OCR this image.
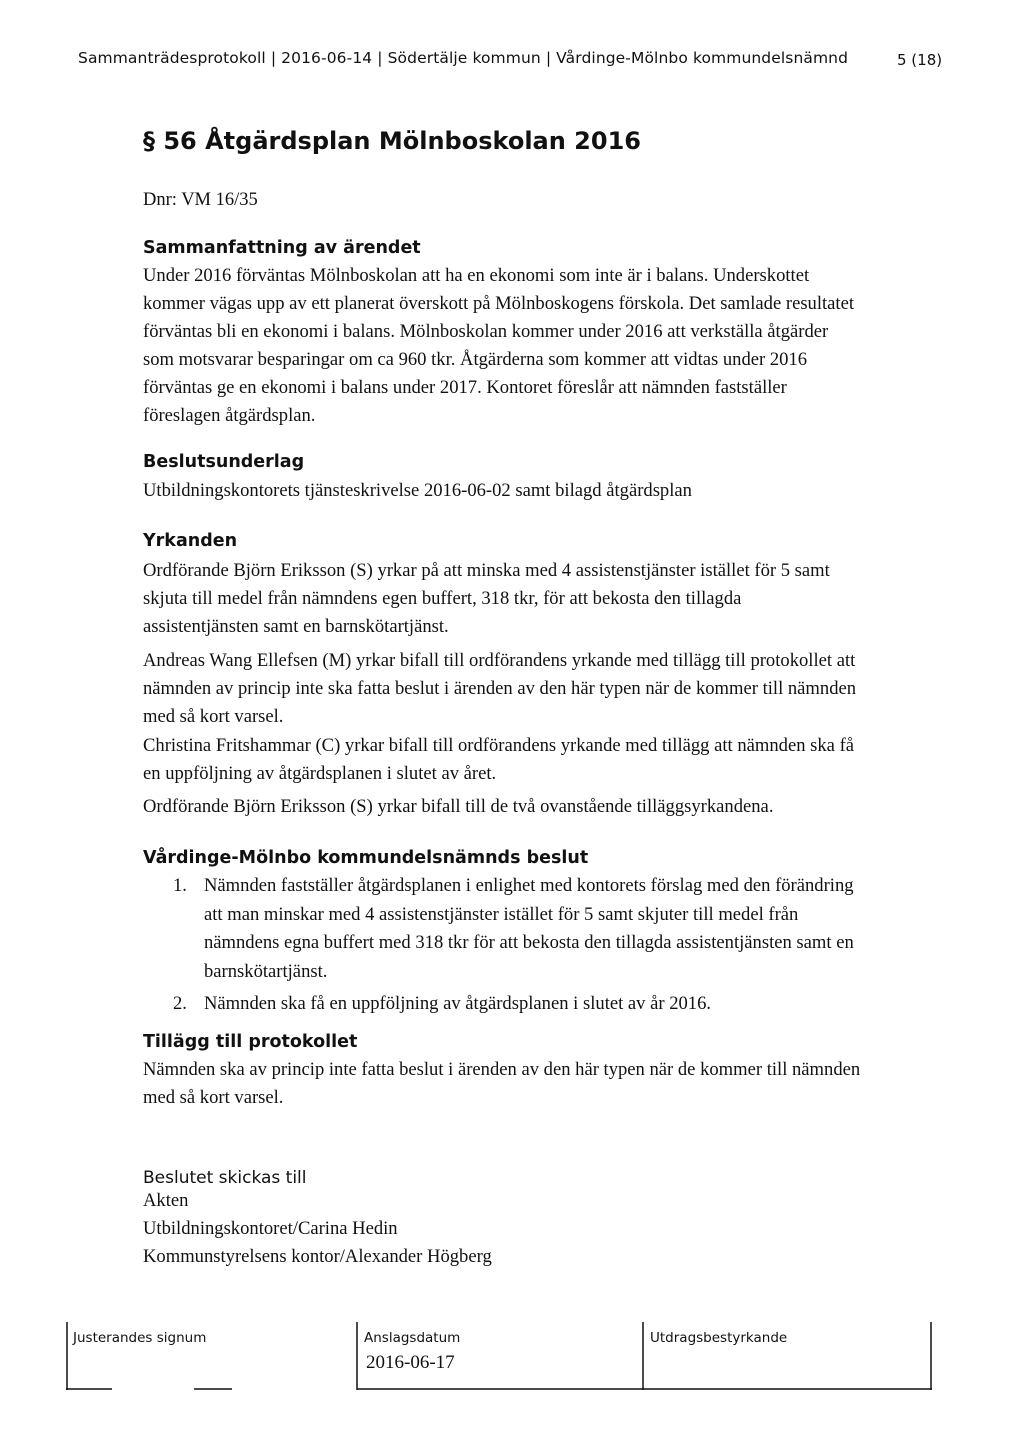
Sammanträdesprotokoll | 2016-06-14 | Södertälje kommun | Vårdinge-Mölnbo kommundelsnämnd	5 (18)
§ 56 Åtgärdsplan Mölnboskolan 2016
Dnr: VM 16/35
Sammanfattning av ärendet
Under 2016 förväntas Mölnboskolan att ha en ekonomi som inte är i balans. Underskottet
kommer vägas upp av ett planerat överskott på Mölnboskogens förskola. Det samlade resultatet
förväntas bli en ekonomi i balans. Mölnboskolan kommer under 2016 att verkställa åtgärder
som motsvarar besparingar om ca 960 tkr. Åtgärderna som kommer att vidtas under 2016
förväntas ge en ekonomi i balans under 2017. Kontoret föreslår att nämnden fastställer
föreslagen åtgärdsplan.
Beslutsunderlag
Utbildningskontorets tjänsteskrivelse 2016-06-02 samt bilagd åtgärdsplan
Yrkanden
Ordförande Björn Eriksson (S) yrkar på att minska med 4 assistenstjänster istället för 5 samt
skjuta till medel från nämndens egen buffert, 318 tkr, för att bekosta den tillagda
assistentjänsten samt en barnskötartjänst.
Andreas Wang Ellefsen (M) yrkar bifall till ordförandens yrkande med tillägg till protokollet att
nämnden av princip inte ska fatta beslut i ärenden av den här typen när de kommer till nämnden
med så kort varsel.
Christina Fritshammar (C) yrkar bifall till ordförandens yrkande med tillägg att nämnden ska få
en uppföljning av åtgärdsplanen i slutet av året.
Ordförande Björn Eriksson (S) yrkar bifall till de två ovanstående tilläggsyrkandena.
Vårdinge-Mölnbo kommundelsnämnds beslut
1. Nämnden fastställer åtgärdsplanen i enlighet med kontorets förslag med den förändring
att man minskar med 4 assistenstjänster istället för 5 samt skjuter till medel från
nämndens egna buffert med 318 tkr för att bekosta den tillagda assistentjänsten samt en
barnskötartjänst.
2. Nämnden ska få en uppföljning av åtgärdsplanen i slutet av år 2016.
Tillägg till protokollet
Nämnden ska av princip inte fatta beslut i ärenden av den här typen när de kommer till nämnden
med så kort varsel.
Beslutet skickas till
Akten
Utbildningskontoret/Carina Hedin
Kommunstyrelsens kontor/Alexander Högberg
Justerandes signum	Anslagsdatum
2016-06-17
Utdragsbestyrkande
